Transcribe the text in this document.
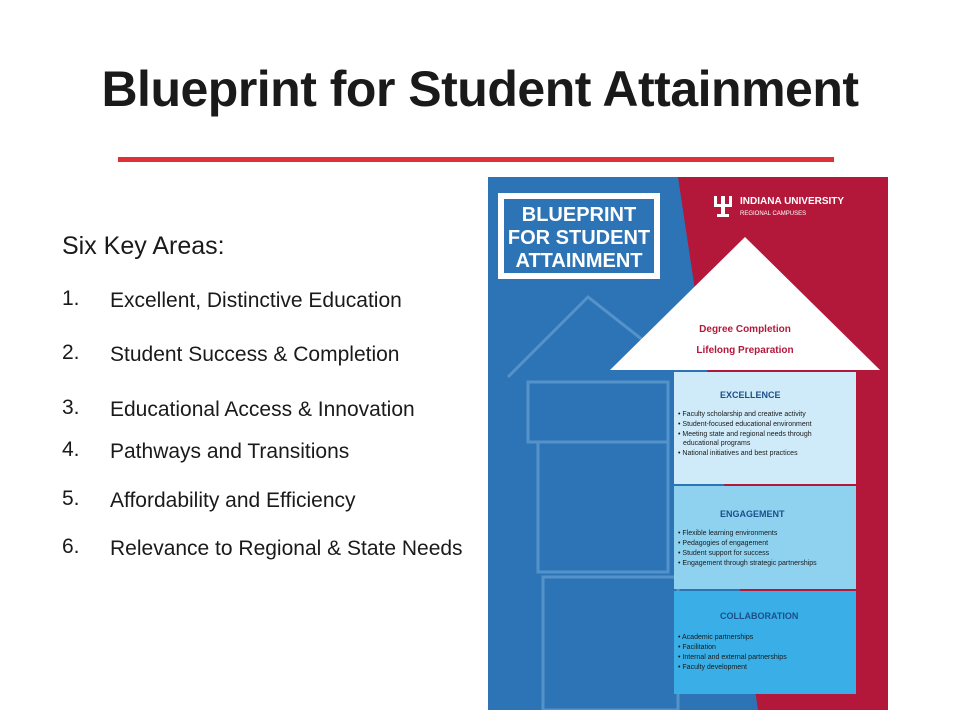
Blueprint for Student Attainment
Six Key Areas:
1. Excellent, Distinctive Education
2. Student Success & Completion
3. Educational Access & Innovation
4. Pathways and Transitions
5. Affordability and Efficiency
6. Relevance to Regional & State Needs
BLUEPRINT
FOR STUDENT
ATTAINMENT
INDIANA UNIVERSITY
REGIONAL CAMPUSES
Degree Completion
Lifelong Preparation
EXCELLENCE
• Faculty scholarship and creative activity
• Student-focused educational environment
• Meeting state and regional needs through
educational programs
• National initiatives and best practices
ENGAGEMENT
• Flexible learning environments
• Pedagogies of engagement
• Student support for success
• Engagement through strategic partnerships
COLLABORATION
• Academic partnerships
• Facilitation
• Internal and external partnerships
• Faculty development
